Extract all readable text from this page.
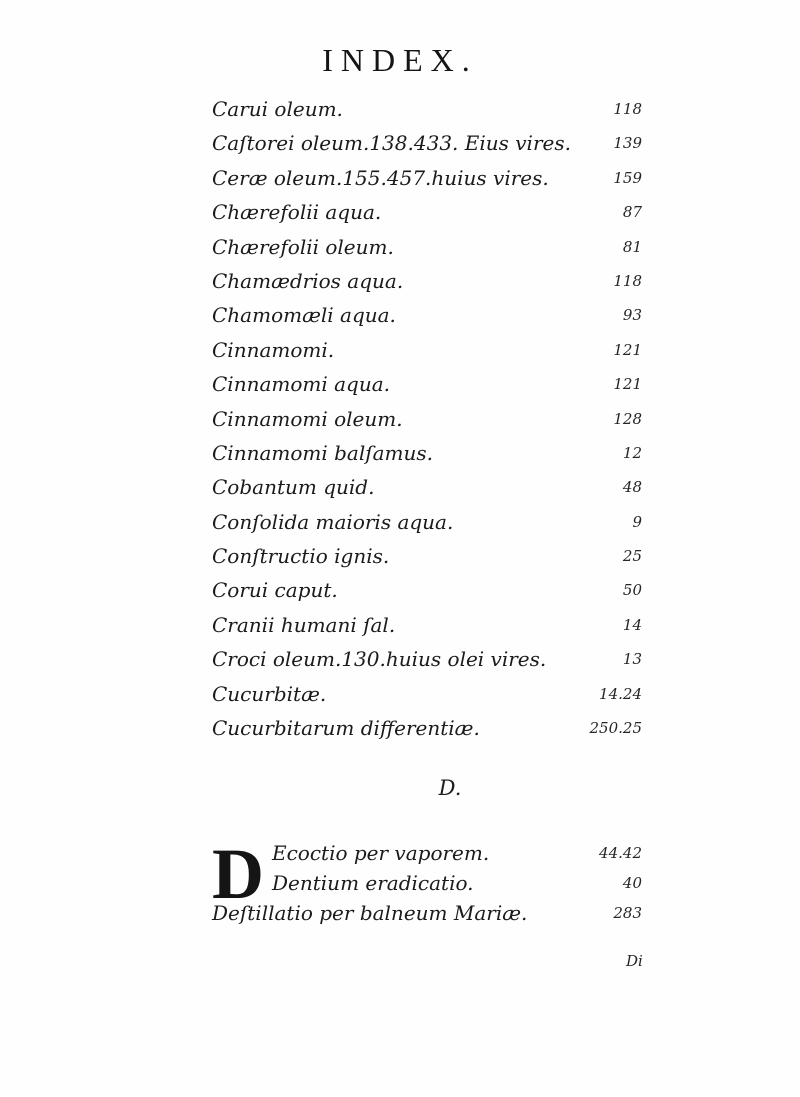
INDEX.
Carui oleum.	118
Caſtorei oleum.138.433. Eius vires.	139
Ceræ oleum.155.457.huius vires.	159
Chærefolii aqua.	87
Chærefolii oleum.	81
Chamædrios aqua.	118
Chamomæli aqua.	93
Cinnamomi.	121
Cinnamomi aqua.	121
Cinnamomi oleum.	128
Cinnamomi balſamus.	12
Cobantum quid.	48
Conſolida maioris aqua.	9
Conſtructio ignis.	25
Corui caput.	50
Cranii humani ſal.	14
Croci oleum.130.huius olei vires.	13
Cucurbitæ.	14.24
Cucurbitarum differentiæ.	250.25
D.
D Ecoctio per vaporem.	44.42
Dentium eradicatio.	40
Deſtillatio per balneum Mariæ.	283
Di
